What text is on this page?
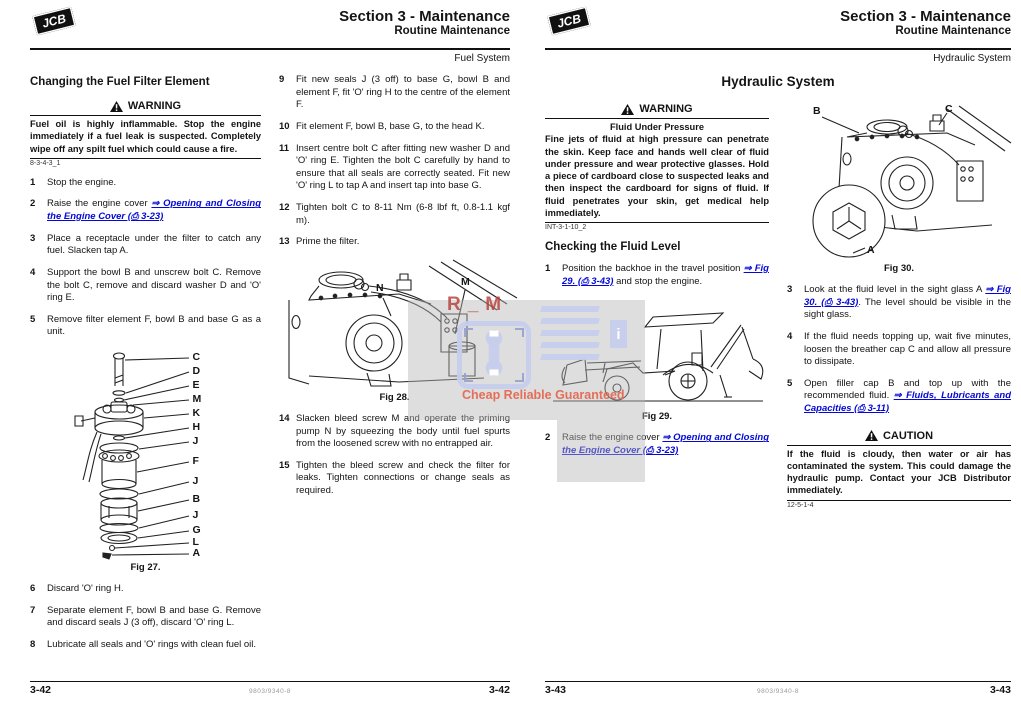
JCB	Section 3 - Maintenance
Routine Maintenance
Fuel System
Changing the Fuel Filter Element
WARNING
Fuel oil is highly inflammable. Stop the engine immediately if a fuel leak is suspected. Completely wipe off any spilt fuel which could cause a fire.
8-3-4-3_1
1	Stop the engine.
2	Raise the engine cover ⇒ Opening and Closing the Engine Cover (⎙ 3-23)
3	Place a receptacle under the filter to catch any fuel. Slacken tap A.
4	Support the bowl B and unscrew bolt C. Remove the bolt C, remove and discard washer D and 'O' ring E.
5	Remove filter element F, bowl B and base G as a unit.
C
D
E
M
K
H
J
F
J
B
J
G
L
A
Fig 27.
6	Discard 'O' ring H.
7	Separate element F, bowl B and base G. Remove and discard seals J (3 off), discard 'O' ring L.
8	Lubricate all seals and 'O' rings with clean fuel oil.
9	Fit new seals J (3 off) to base G, bowl B and element F, fit 'O' ring H to the centre of the element F.
10 Fit element F, bowl B, base G, to the head K.
11 Insert centre bolt C after fitting new washer D and 'O' ring E. Tighten the bolt C carefully by hand to ensure that all seals are correctly seated. Fit new 'O' ring L to tap A and insert tap into base G.
12 Tighten bolt C to 8-11 Nm (6-8 lbf ft, 0.8-1.1 kgf m).
13 Prime the filter.
N	M
Fig 28.
14 Slacken bleed screw M and operate the priming pump N by squeezing the body until fuel spurts from the loosened screw with no entrapped air.
15 Tighten the bleed screw and check the filter for leaks. Tighten connections or change seals as required.
3-42	9803/9340-8	3-42
JCB	Section 3 - Maintenance
Routine Maintenance
Hydraulic System
Hydraulic System
WARNING
Fluid Under Pressure
Fine jets of fluid at high pressure can penetrate the skin. Keep face and hands well clear of fluid under pressure and wear protective glasses. Hold a piece of cardboard close to suspected leaks and then inspect the cardboard for signs of fluid. If fluid penetrates your skin, get medical help immediately.
INT-3-1-10_2
Checking the Fluid Level
1	Position the backhoe in the travel position ⇒ Fig 29. (⎙ 3-43) and stop the engine.
Fig 29.
2	Raise the engine cover ⇒ Opening and Closing the Engine Cover (⎙ 3-23)
B	C
A
Fig 30.
3	Look at the fluid level in the sight glass A ⇒ Fig 30. (⎙ 3-43). The level should be visible in the sight glass.
4	If the fluid needs topping up, wait five minutes, loosen the breather cap C and allow all pressure to dissipate.
5	Open filler cap B and top up with the recommended fluid. ⇒ Fluids, Lubricants and Capacities (⎙ 3-11)
CAUTION
If the fluid is cloudy, then water or air has contaminated the system. This could damage the hydraulic pump. Contact your JCB Distributor immediately.
12-5-1-4
3-43	9803/9340-8	3-43
R_M
i
Cheap Reliable Guaranteed
